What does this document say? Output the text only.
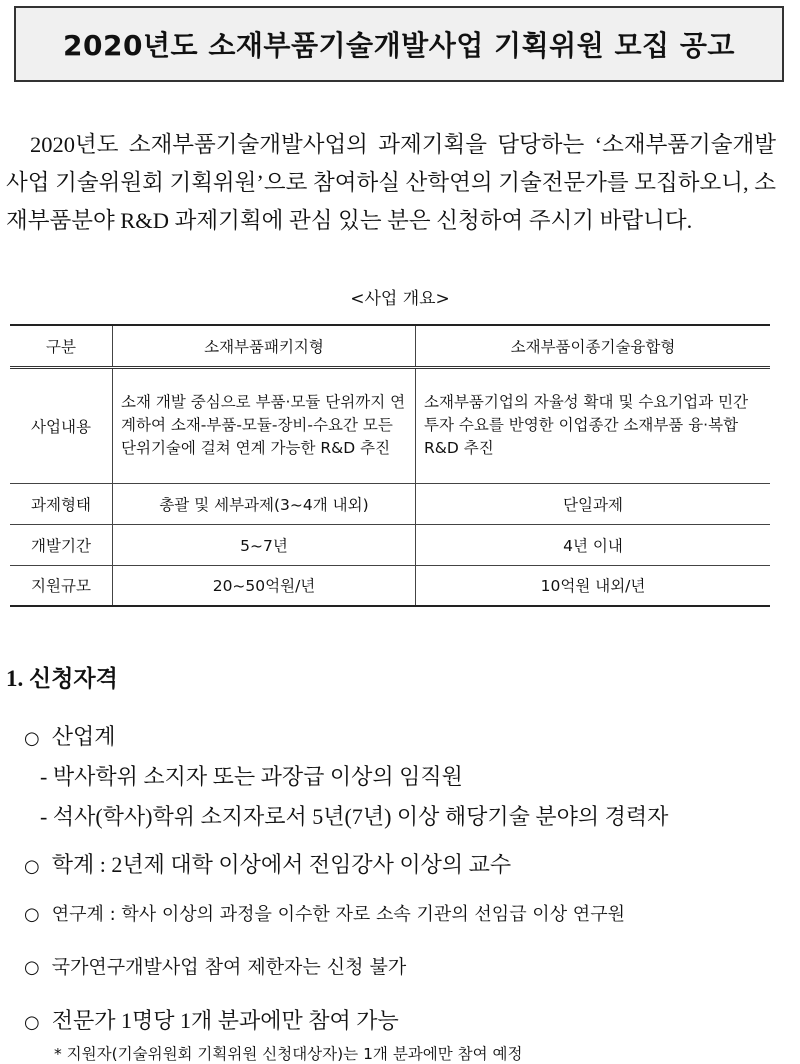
2020년도 소재부품기술개발사업 기획위원 모집 공고

2020년도 소재부품기술개발사업의 과제기획을 담당하는 ‘소재부품기술개발사업 기술위원회 기획위원’으로 참여하실 산학연의 기술전문가를 모집하오니, 소재부품분야 R&D 과제기획에 관심 있는 분은 신청하여 주시기 바랍니다.

<사업 개요>
구분	소재부품패키지형	소재부품이종기술융합형
사업내용	소재 개발 중심으로 부품·모듈 단위까지 연계하여 소재-부품-모듈-장비-수요간 모든 단위기술에 걸쳐 연계 가능한 R&D 추진	소재부품기업의 자율성 확대 및 수요기업과 민간투자 수요를 반영한 이업종간 소재부품 융·복합 R&D 추진
과제형태	총괄 및 세부과제(3~4개 내외)	단일과제
개발기간	5~7년	4년 이내
지원규모	20~50억원/년	10억원 내외/년
1. 신청자격
○ 산업계
- 박사학위 소지자 또는 과장급 이상의 임직원
- 석사(학사)학위 소지자로서 5년(7년) 이상 해당기술 분야의 경력자
○ 학계 : 2년제 대학 이상에서 전임강사 이상의 교수
○ 연구계 : 학사 이상의 과정을 이수한 자로 소속 기관의 선임급 이상 연구원
○ 국가연구개발사업 참여 제한자는 신청 불가
○ 전문가 1명당 1개 분과에만 참여 가능
* 지원자(기술위원회 기획위원 신청대상자)는 1개 분과에만 참여 예정
